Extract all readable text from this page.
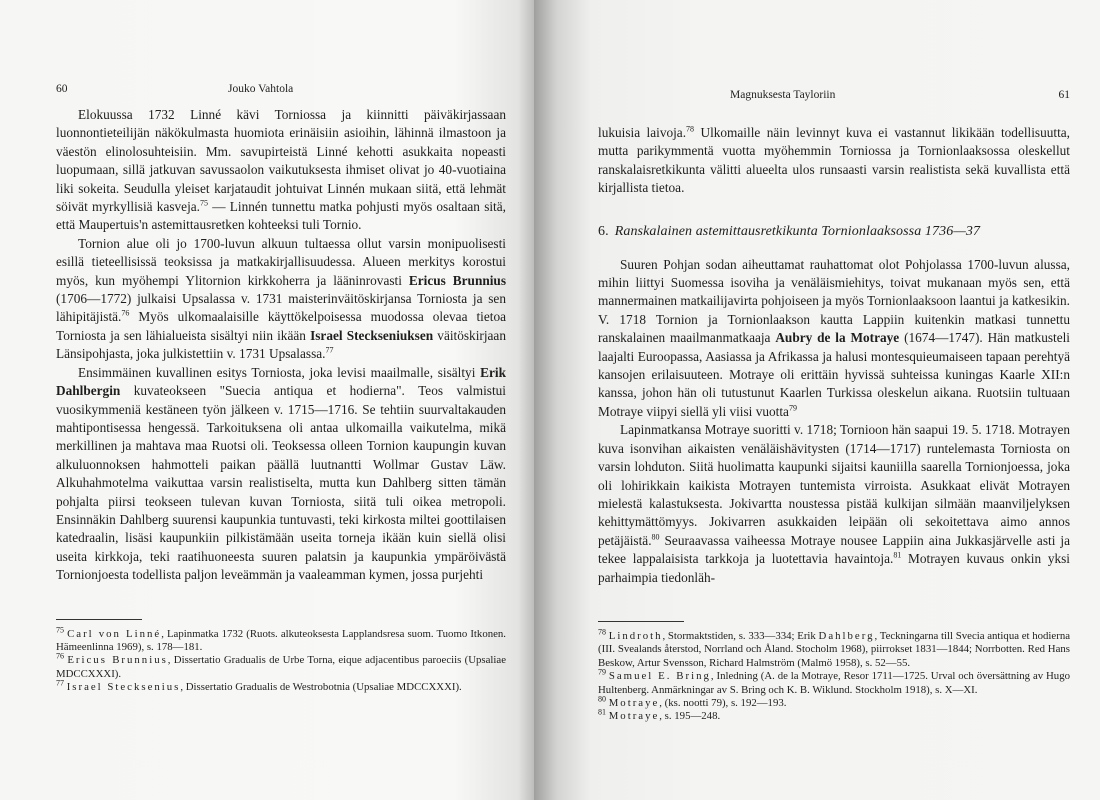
60	Jouko Vahtola

Elokuussa 1732 Linné kävi Torniossa ja kiinnitti päiväkirjassaan luonnontieteilijän näkökulmasta huomiota erinäisiin asioihin, lähinnä ilmastoon ja väestön elinolosuhteisiin. Mm. savupirteistä Linné kehotti asukkaita nopeasti luopumaan, sillä jatkuvan savussaolon vaikutuksesta ihmiset olivat jo 40-vuotiaina liki sokeita. Seudulla yleiset karjataudit johtuivat Linnén mukaan siitä, että lehmät söivät myrkyllisiä kasveja.$^{75}$ — Linnén tunnettu matka pohjusti myös osaltaan sitä, että Maupertuis'n astemittausretken kohteeksi tuli Tornio.

Tornion alue oli jo 1700-luvun alkuun tultaessa ollut varsin monipuolisesti esillä tieteellisissä teoksissa ja matkakirjallisuudessa. Alueen merkitys korostui myös, kun myöhempi Ylitornion kirkkoherra ja lääninrovasti Ericus Brunnius (1706—1772) julkaisi Upsalassa v. 1731 maisterinväitöskirjansa Torniosta ja sen lähipitäjistä.$^{76}$ Myös ulkomaalaisille käyttökelpoisessa muodossa olevaa tietoa Torniosta ja sen lähialueista sisältyi niin ikään Israel Steckseniuksen väitöskirjaan Länsipohjasta, joka julkistettiin v. 1731 Upsalassa.$^{77}$

Ensimmäinen kuvallinen esitys Torniosta, joka levisi maailmalle, sisältyi Erik Dahlbergin kuvateokseen "Suecia antiqua et hodierna". Teos valmistui vuosikymmeniä kestäneen työn jälkeen v. 1715—1716. Se tehtiin suurvaltakauden mahtipontisessa hengessä. Tarkoituksena oli antaa ulkomailla vaikutelma, mikä merkillinen ja mahtava maa Ruotsi oli. Teoksessa olleen Tornion kaupungin kuvan alkuluonnoksen hahmotteli paikan päällä luutnantti Wollmar Gustav Läw. Alkuhahmotelma vaikuttaa varsin realistiselta, mutta kun Dahlberg sitten tämän pohjalta piirsi teokseen tulevan kuvan Torniosta, siitä tuli oikea metropoli. Ensinnäkin Dahlberg suurensi kaupunkia tuntuvasti, teki kirkosta miltei goottilaisen katedraalin, lisäsi kaupunkiin pilkistämään useita torneja ikään kuin siellä olisi useita kirkkoja, teki raatihuoneesta suuren palatsin ja kaupunkia ympäröivästä Tornionjoesta todellista paljon leveämmän ja vaaleamman kymen, jossa purjehti

$^{75}$ Carl von Linné, Lapinmatka 1732 (Ruots. alkuteoksesta Lapplandsresa suom. Tuomo Itkonen. Hämeenlinna 1969), s. 178—181.

$^{76}$ Ericus Brunnius, Dissertatio Gradualis de Urbe Torna, eique adjacentibus paroeciis (Upsaliae MDCCXXXI).

$^{77}$ Israel Stecksenius, Dissertatio Gradualis de Westrobotnia (Upsaliae MDCCXXXI).

Magnuksesta Tayloriin	61

lukuisia laivoja.$^{78}$ Ulkomaille näin levinnyt kuva ei vastannut likikään todellisuutta, mutta parikymmentä vuotta myöhemmin Torniossa ja Tornionlaaksossa oleskellut ranskalaisretkikunta välitti alueelta ulos runsaasti varsin realistista sekä kuvallista että kirjallista tietoa.

6. Ranskalainen astemittausretkikunta Tornionlaaksossa 1736—37

Suuren Pohjan sodan aiheuttamat rauhattomat olot Pohjolassa 1700-luvun alussa, mihin liittyi Suomessa isoviha ja venäläismiehitys, toivat mukanaan myös sen, että mannermainen matkailijavirta pohjoiseen ja myös Tornionlaaksoon laantui ja katkesikin. V. 1718 Tornion ja Tornionlaakson kautta Lappiin kuitenkin matkasi tunnettu ranskalainen maailmanmatkaaja Aubry de la Motraye (1674—1747). Hän matkusteli laajalti Euroopassa, Aasiassa ja Afrikassa ja halusi montesquieumaiseen tapaan perehtyä kansojen erilaisuuteen. Motraye oli erittäin hyvissä suhteissa kuningas Kaarle XII:n kanssa, johon hän oli tutustunut Kaarlen Turkissa oleskelun aikana. Ruotsiin tultuaan Motraye viipyi siellä yli viisi vuotta$^{79}$

Lapinmatkansa Motraye suoritti v. 1718; Tornioon hän saapui 19. 5. 1718. Motrayen kuva isonvihan aikaisten venäläishävitysten (1714—1717) runtelemasta Torniosta on varsin lohduton. Siitä huolimatta kaupunki sijaitsi kauniilla saarella Tornionjoessa, joka oli lohirikkain kaikista Motrayen tuntemista virroista. Asukkaat elivät Motrayen mielestä kalastuksesta. Jokivartta noustessa pistää kulkijan silmään maanviljelyksen kehittymättömyys. Jokivarren asukkaiden leipään oli sekoitettava aimo annos petäjäistä.$^{80}$ Seuraavassa vaiheessa Motraye nousee Lappiin aina Jukkasjärvelle asti ja tekee lappalaisista tarkkoja ja luotettavia havaintoja.$^{81}$ Motrayen kuvaus onkin yksi parhaimpia tiedonläh-

$^{78}$ Lindroth, Stormaktstiden, s. 333—334; Erik Dahlberg, Teckningarna till Svecia antiqua et hodierna (III. Svealands återstod, Norrland och Åland. Stocholm 1968), piirrokset 1831—1844; Norrbotten. Red Hans Beskow, Artur Svensson, Richard Halmström (Malmö 1958), s. 52—55.

$^{79}$ Samuel E. Bring, Inledning (A. de la Motraye, Resor 1711—1725. Urval och översättning av Hugo Hultenberg. Anmärkningar av S. Bring och K. B. Wiklund. Stockholm 1918), s. X—XI.

$^{80}$ Motraye, (ks. nootti 79), s. 192—193.

$^{81}$ Motraye, s. 195—248.
